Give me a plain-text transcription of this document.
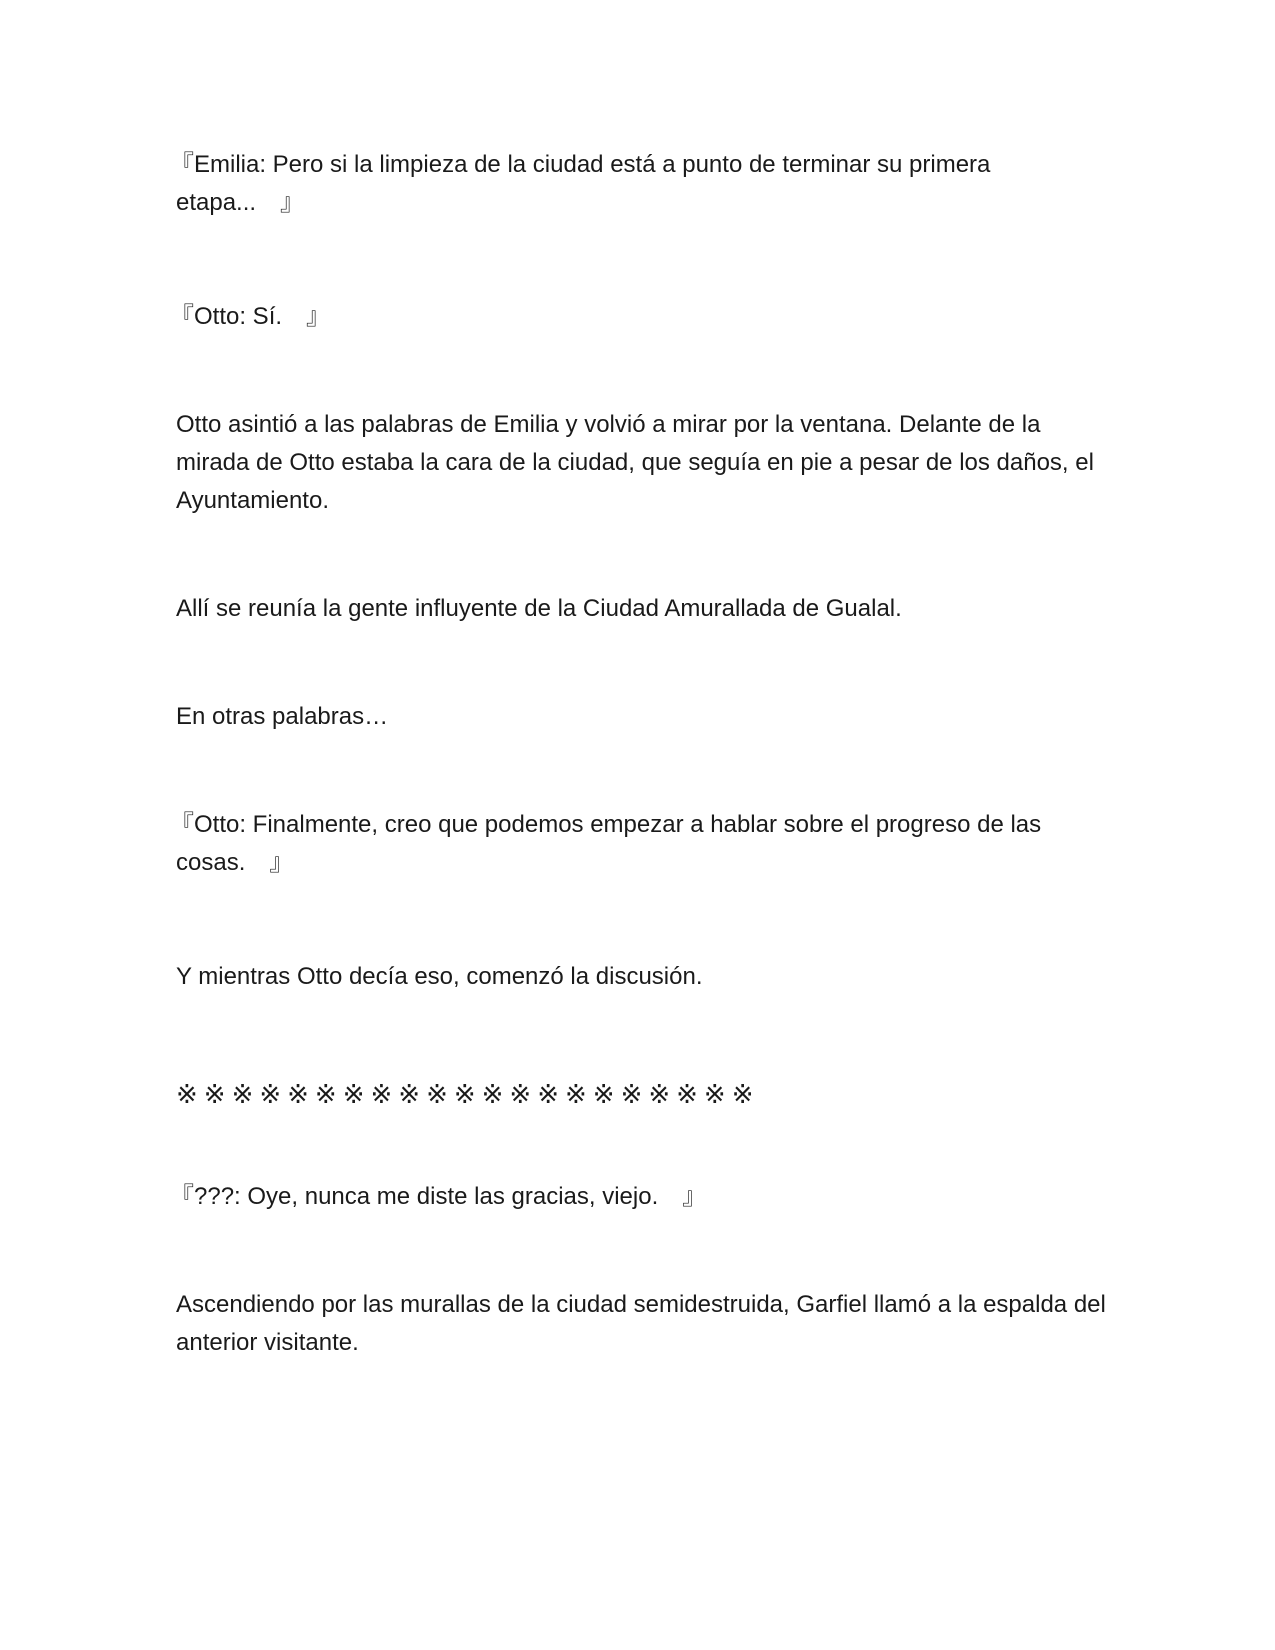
『Emilia: Pero si la limpieza de la ciudad está a punto de terminar su primera etapa...　』

『Otto: Sí.　』

Otto asintió a las palabras de Emilia y volvió a mirar por la ventana. Delante de la mirada de Otto estaba la cara de la ciudad, que seguía en pie a pesar de los daños, el Ayuntamiento.

Allí se reunía la gente influyente de la Ciudad Amurallada de Gualal.

En otras palabras…

『Otto: Finalmente, creo que podemos empezar a hablar sobre el progreso de las cosas.　』

Y mientras Otto decía eso, comenzó la discusión.

※※※※※※※※※※※※※※※※※※※※※

『???: Oye, nunca me diste las gracias, viejo.　』

Ascendiendo por las murallas de la ciudad semidestruida, Garfiel llamó a la espalda del anterior visitante.
